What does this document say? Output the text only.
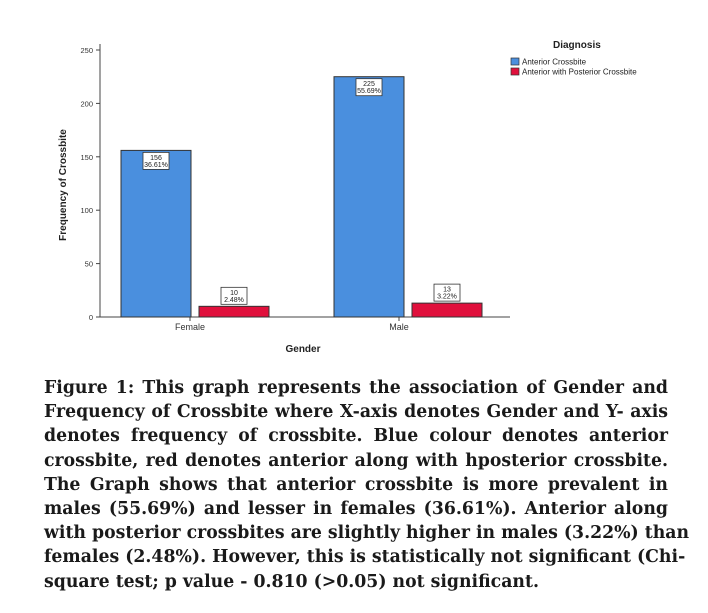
0
50
100
150
200
250
Female	Male
156
36.61%
10
2.48%
225
55.69%
13
3.22%
Diagnosis
Anterior Crossbite
Anterior with Posterior Crossbite
Frequency of Crossbite
Gender

Figure 1: This graph represents the association of Gender and
Frequency of Crossbite where X-axis denotes Gender and Y- axis
denotes frequency of crossbite. Blue colour denotes anterior
crossbite, red denotes anterior along with hposterior crossbite.
The Graph shows that anterior crossbite is more prevalent in
males (55.69%) and lesser in females (36.61%). Anterior along
with posterior crossbites are slightly higher in males (3.22%) than
females (2.48%). However, this is statistically not significant (Chi-
square test; p value - 0.810 (>0.05) not significant.
